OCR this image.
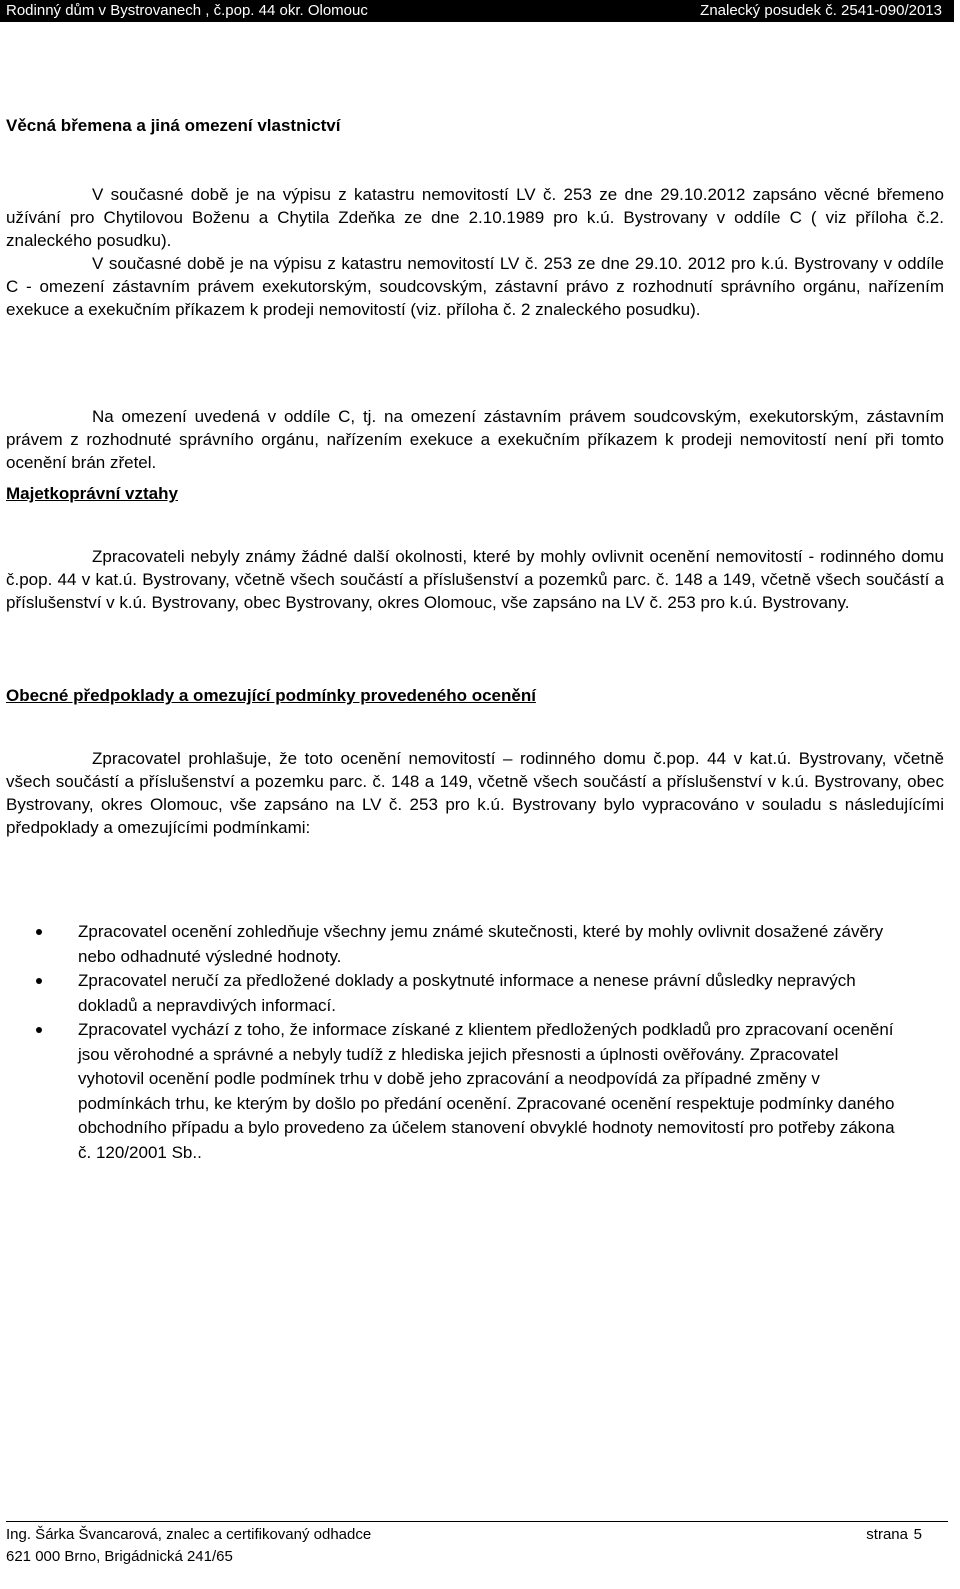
Rodinný dům v Bystrovanech , č.pop. 44 okr. Olomouc	Znalecký posudek č. 2541-090/2013
Věcná břemena a jiná omezení vlastnictví

V současné době je na výpisu z katastru nemovitostí LV č. 253 ze dne 29.10.2012 zapsáno věcné břemeno užívání pro Chytilovou Boženu a Chytila Zdeňka ze dne 2.10.1989 pro k.ú. Bystrovany v oddíle C ( viz příloha č.2. znaleckého posudku).

V současné době je na výpisu z katastru nemovitostí LV č. 253 ze dne 29.10. 2012 pro k.ú. Bystrovany v oddíle C - omezení zástavním právem exekutorským, soudcovským, zástavní právo z rozhodnutí správního orgánu, nařízením exekuce a exekučním příkazem k prodeji nemovitostí (viz. příloha č. 2 znaleckého posudku).

Na omezení uvedená v oddíle C, tj. na omezení zástavním právem soudcovským, exekutorským, zástavním právem z rozhodnuté správního orgánu, nařízením exekuce a exekučním příkazem k prodeji nemovitostí není při tomto ocenění brán zřetel.

Majetkoprávní vztahy

Zpracovateli nebyly známy žádné další okolnosti, které by mohly ovlivnit ocenění nemovitostí - rodinného domu č.pop. 44 v kat.ú. Bystrovany, včetně všech součástí a příslušenství a pozemků parc. č. 148 a 149, včetně všech součástí a příslušenství v k.ú. Bystrovany, obec Bystrovany, okres Olomouc, vše zapsáno na LV č. 253 pro k.ú. Bystrovany.

Obecné předpoklady a omezující podmínky provedeného ocenění

Zpracovatel prohlašuje, že toto ocenění nemovitostí – rodinného domu č.pop. 44 v kat.ú. Bystrovany, včetně všech součástí a příslušenství a pozemku parc. č. 148 a 149, včetně všech součástí a příslušenství v k.ú. Bystrovany, obec Bystrovany, okres Olomouc, vše zapsáno na LV č. 253 pro k.ú. Bystrovany bylo vypracováno v souladu s následujícími předpoklady a omezujícími podmínkami:

Zpracovatel ocenění zohledňuje všechny jemu známé skutečnosti, které by mohly ovlivnit dosažené závěry nebo odhadnuté výsledné hodnoty.
Zpracovatel neručí za předložené doklady a poskytnuté informace a nenese právní důsledky nepravých dokladů a nepravdivých informací.
Zpracovatel vychází z toho, že informace získané z klientem předložených podkladů pro zpracovaní ocenění jsou věrohodné a správné a nebyly tudíž z hlediska jejich přesnosti a úplnosti ověřovány. Zpracovatel vyhotovil ocenění podle podmínek trhu v době jeho zpracování a neodpovídá za případné změny v podmínkách trhu, ke kterým by došlo po předání ocenění. Zpracované ocenění respektuje podmínky daného obchodního případu a bylo provedeno za účelem stanovení obvyklé hodnoty nemovitostí pro potřeby zákona č. 120/2001 Sb..
Ing. Šárka Švancarová, znalec a certifikovaný odhadce
621 000 Brno, Brigádnická 241/65
strana 5
